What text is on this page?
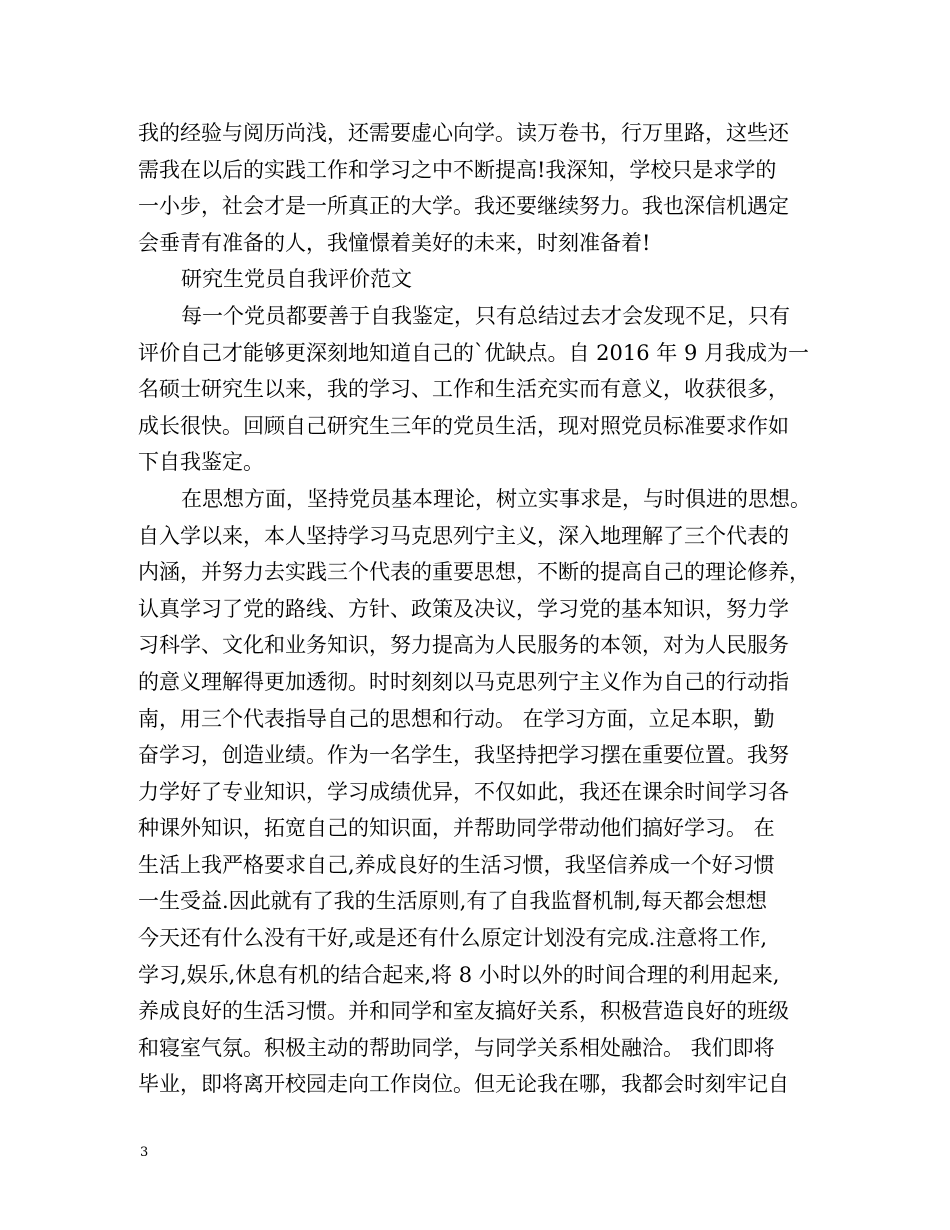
我的经验与阅历尚浅，还需要虚心向学。读万卷书，行万里路，这些还
需我在以后的实践工作和学习之中不断提高!我深知，学校只是求学的
一小步，社会才是一所真正的大学。我还要继续努力。我也深信机遇定
会垂青有准备的人，我憧憬着美好的未来，时刻准备着!
研究生党员自我评价范文
每一个党员都要善于自我鉴定，只有总结过去才会发现不足，只有
评价自己才能够更深刻地知道自己的`优缺点。自 2016 年 9 月我成为一
名硕士研究生以来，我的学习、工作和生活充实而有意义，收获很多，
成长很快。回顾自己研究生三年的党员生活，现对照党员标准要求作如
下自我鉴定。
在思想方面，坚持党员基本理论，树立实事求是，与时俱进的思想。
自入学以来，本人坚持学习马克思列宁主义，深入地理解了三个代表的
内涵，并努力去实践三个代表的重要思想，不断的提高自己的理论修养，
认真学习了党的路线、方针、政策及决议，学习党的基本知识，努力学
习科学、文化和业务知识，努力提高为人民服务的本领，对为人民服务
的意义理解得更加透彻。时时刻刻以马克思列宁主义作为自己的行动指
南，用三个代表指导自己的思想和行动。 在学习方面，立足本职，勤
奋学习，创造业绩。作为一名学生，我坚持把学习摆在重要位置。我努
力学好了专业知识，学习成绩优异，不仅如此，我还在课余时间学习各
种课外知识，拓宽自己的知识面，并帮助同学带动他们搞好学习。 在
生活上我严格要求自己,养成良好的生活习惯，我坚信养成一个好习惯
一生受益.因此就有了我的生活原则,有了自我监督机制,每天都会想想
今天还有什么没有干好,或是还有什么原定计划没有完成.注意将工作,
学习,娱乐,休息有机的结合起来,将 8 小时以外的时间合理的利用起来,
养成良好的生活习惯。并和同学和室友搞好关系，积极营造良好的班级
和寝室气氛。积极主动的帮助同学，与同学关系相处融洽。 我们即将
毕业，即将离开校园走向工作岗位。但无论我在哪，我都会时刻牢记自
3
